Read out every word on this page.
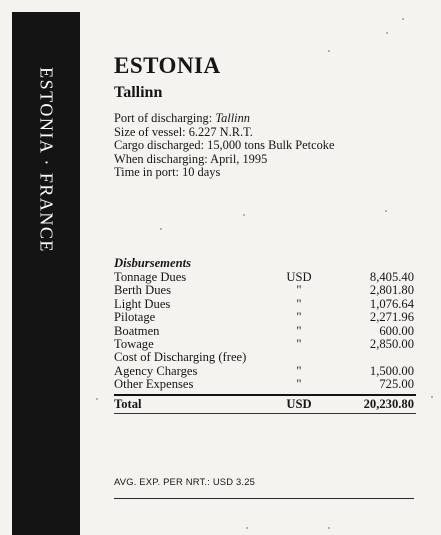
ESTONIA · FRANCE
ESTONIA
Tallinn
Port of discharging: Tallinn
Size of vessel: 6.227 N.R.T.
Cargo discharged: 15,000 tons Bulk Petcoke
When discharging: April, 1995
Time in port: 10 days
Disbursements
Tonnage Dues	USD	8,405.40
Berth Dues	"	2,801.80
Light Dues	"	1,076.64
Pilotage	"	2,271.96
Boatmen	"	600.00
Towage	"	2,850.00
Cost of Discharging (free)
Agency Charges	"	1,500.00
Other Expenses	"	725.00
Total	USD	20,230.80
AVG. EXP. PER NRT.: USD 3.25
